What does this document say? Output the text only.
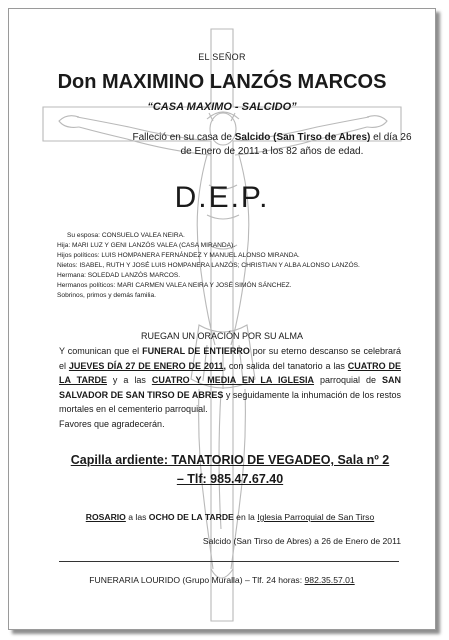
EL SEÑOR
Don MAXIMINO LANZÓS MARCOS
“CASA MAXIMO - SALCIDO”
Falleció en su casa de Salcido (San Tirso de Abres) el día 26 de Enero de 2011 a los 82 años de edad.
D.E.P.
Su esposa: CONSUELO VALEA NEIRA.
Hija: MARI LUZ Y GENI LANZÓS VALEA (CASA MIRANDA).
Hijos políticos: LUIS HOMPANERA FERNÁNDEZ Y MANUEL ALONSO MIRANDA.
Nietos: ISABEL, RUTH Y JOSÉ LUIS HOMPANERA LANZÓS; CHRISTIAN Y ALBA ALONSO LANZÓS.
Hermana: SOLEDAD LANZÓS MARCOS.
Hermanos políticos: MARI CARMEN VALEA NEIRA Y JOSÉ SIMÓN SÁNCHEZ.
Sobrinos, primos y demás familia.
RUEGAN UN ORACIÓN POR SU ALMA
Y comunican que el FUNERAL DE ENTIERRO por su eterno descanso se celebrará el JUEVES DÍA 27 DE ENERO DE 2011, con salida del tanatorio a las CUATRO DE LA TARDE y a las CUATRO Y MEDIA EN LA IGLESIA parroquial de SAN SALVADOR DE SAN TIRSO DE ABRES y seguidamente la inhumación de los restos mortales en el cementerio parroquial.
Favores que agradecerán.
Capilla ardiente: TANATORIO DE VEGADEO, Sala nº 2
– Tlf: 985.47.67.40
ROSARIO a las OCHO DE LA TARDE en la Iglesia Parroquial de San Tirso
Salcido (San Tirso de Abres) a 26 de Enero de 2011
FUNERARIA LOURIDO (Grupo Muralla) – Tlf. 24 horas: 982.35.57.01
